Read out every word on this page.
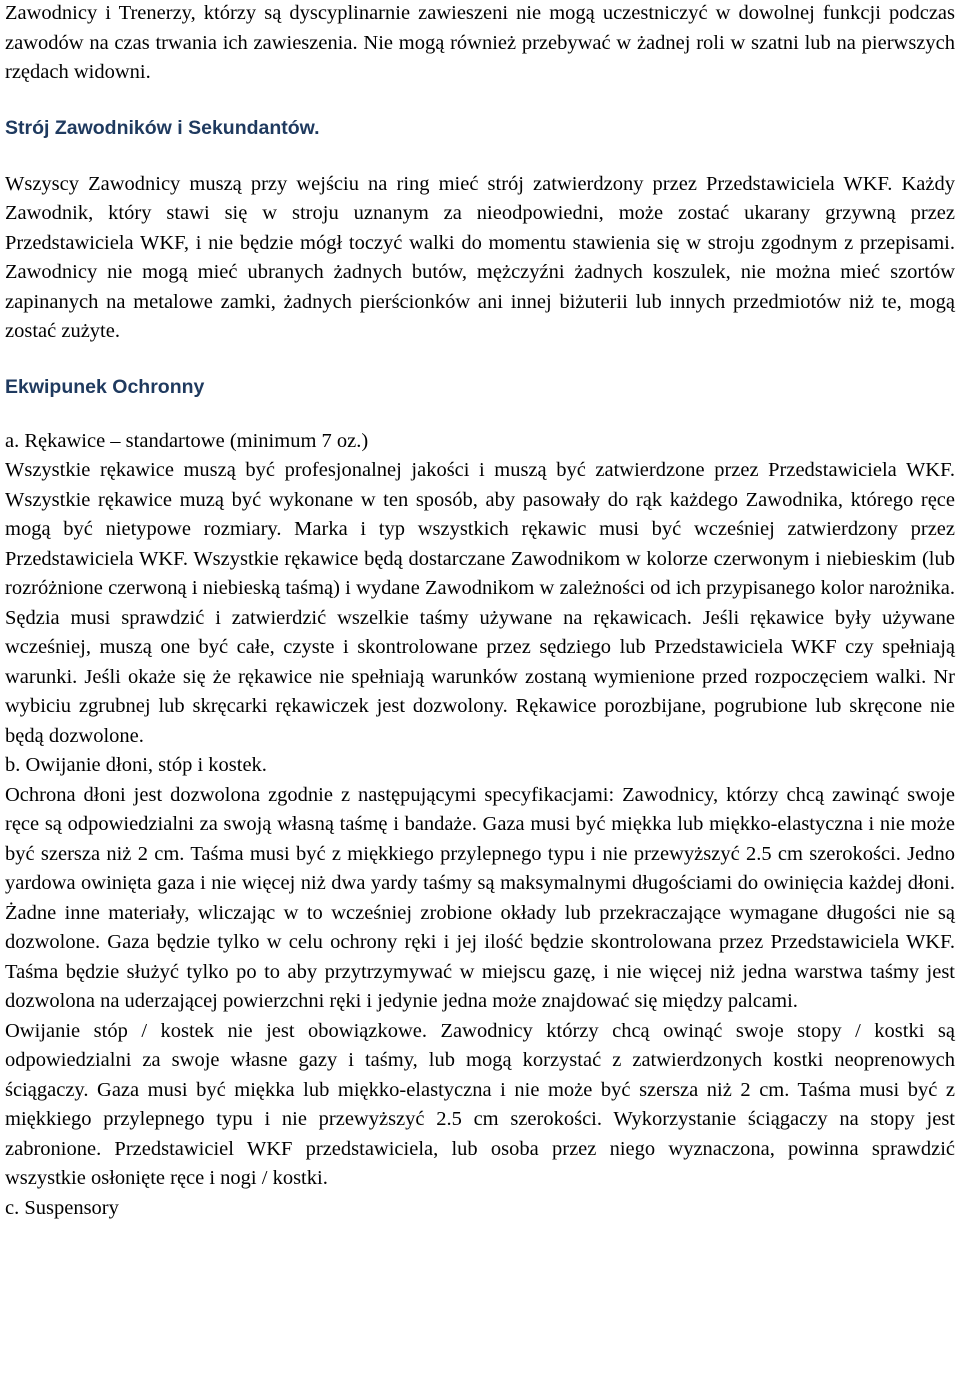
Zawodnicy i Trenerzy, którzy są dyscyplinarnie zawieszeni nie mogą uczestniczyć w dowolnej funkcji podczas zawodów na czas trwania ich zawieszenia. Nie mogą również przebywać w żadnej roli w szatni lub na pierwszych rzędach widowni.

Strój Zawodników i Sekundantów.

Wszyscy Zawodnicy muszą przy wejściu na ring mieć strój zatwierdzony przez Przedstawiciela WKF. Każdy Zawodnik, który stawi się w stroju uznanym za nieodpowiedni, może zostać ukarany grzywną przez Przedstawiciela WKF, i nie będzie mógł toczyć walki do momentu stawienia się w stroju zgodnym z przepisami. Zawodnicy nie mogą mieć ubranych żadnych butów, mężczyźni żadnych koszulek, nie można mieć szortów zapinanych na metalowe zamki, żadnych pierścionków ani innej biżuterii lub innych przedmiotów niż te, mogą zostać zużyte.

Ekwipunek Ochronny

a. Rękawice – standartowe (minimum 7 oz.)

Wszystkie rękawice muszą być profesjonalnej jakości i muszą być zatwierdzone przez Przedstawiciela WKF. Wszystkie rękawice muzą być wykonane w ten sposób, aby pasowały do rąk każdego Zawodnika, którego ręce mogą być nietypowe rozmiary. Marka i typ wszystkich rękawic musi być wcześniej zatwierdzony przez Przedstawiciela WKF. Wszystkie rękawice będą dostarczane Zawodnikom w kolorze czerwonym i niebieskim (lub rozróżnione czerwoną i niebieską taśmą) i wydane Zawodnikom w zależności od ich przypisanego kolor narożnika. Sędzia musi sprawdzić i zatwierdzić wszelkie taśmy używane na rękawicach. Jeśli rękawice były używane wcześniej, muszą one być całe, czyste i skontrolowane przez sędziego lub Przedstawiciela WKF czy spełniają warunki. Jeśli okaże się że rękawice nie spełniają warunków zostaną wymienione przed rozpoczęciem walki. Nr wybiciu zgrubnej lub skręcarki rękawiczek jest dozwolony. Rękawice porozbijane, pogrubione lub skręcone nie będą dozwolone.

b. Owijanie dłoni, stóp i kostek.

Ochrona dłoni jest dozwolona zgodnie z następującymi specyfikacjami: Zawodnicy, którzy chcą zawinąć swoje ręce są odpowiedzialni za swoją własną taśmę i bandaże. Gaza musi być miękka lub miękko-elastyczna i nie może być szersza niż 2 cm. Taśma musi być z miękkiego przylepnego typu i nie przewyższyć 2.5 cm szerokości. Jedno yardowa owinięta gaza i nie więcej niż dwa yardy taśmy są maksymalnymi długościami do owinięcia każdej dłoni. Żadne inne materiały, wliczając w to wcześniej zrobione okłady lub przekraczające wymagane długości nie są dozwolone. Gaza będzie tylko w celu ochrony ręki i jej ilość będzie skontrolowana przez Przedstawiciela WKF. Taśma będzie służyć tylko po to aby przytrzymywać w miejscu gazę, i nie więcej niż jedna warstwa taśmy jest dozwolona na uderzającej powierzchni ręki i jedynie jedna może znajdować się między palcami.

Owijanie stóp / kostek nie jest obowiązkowe. Zawodnicy którzy chcą owinąć swoje stopy / kostki są odpowiedzialni za swoje własne gazy i taśmy, lub mogą korzystać z zatwierdzonych kostki neoprenowych ściągaczy. Gaza musi być miękka lub miękko-elastyczna i nie może być szersza niż 2 cm. Taśma musi być z miękkiego przylepnego typu i nie przewyższyć 2.5 cm szerokości. Wykorzystanie ściągaczy na stopy jest zabronione. Przedstawiciel WKF przedstawiciela, lub osoba przez niego wyznaczona, powinna sprawdzić wszystkie osłonięte ręce i nogi / kostki.

c. Suspensory
